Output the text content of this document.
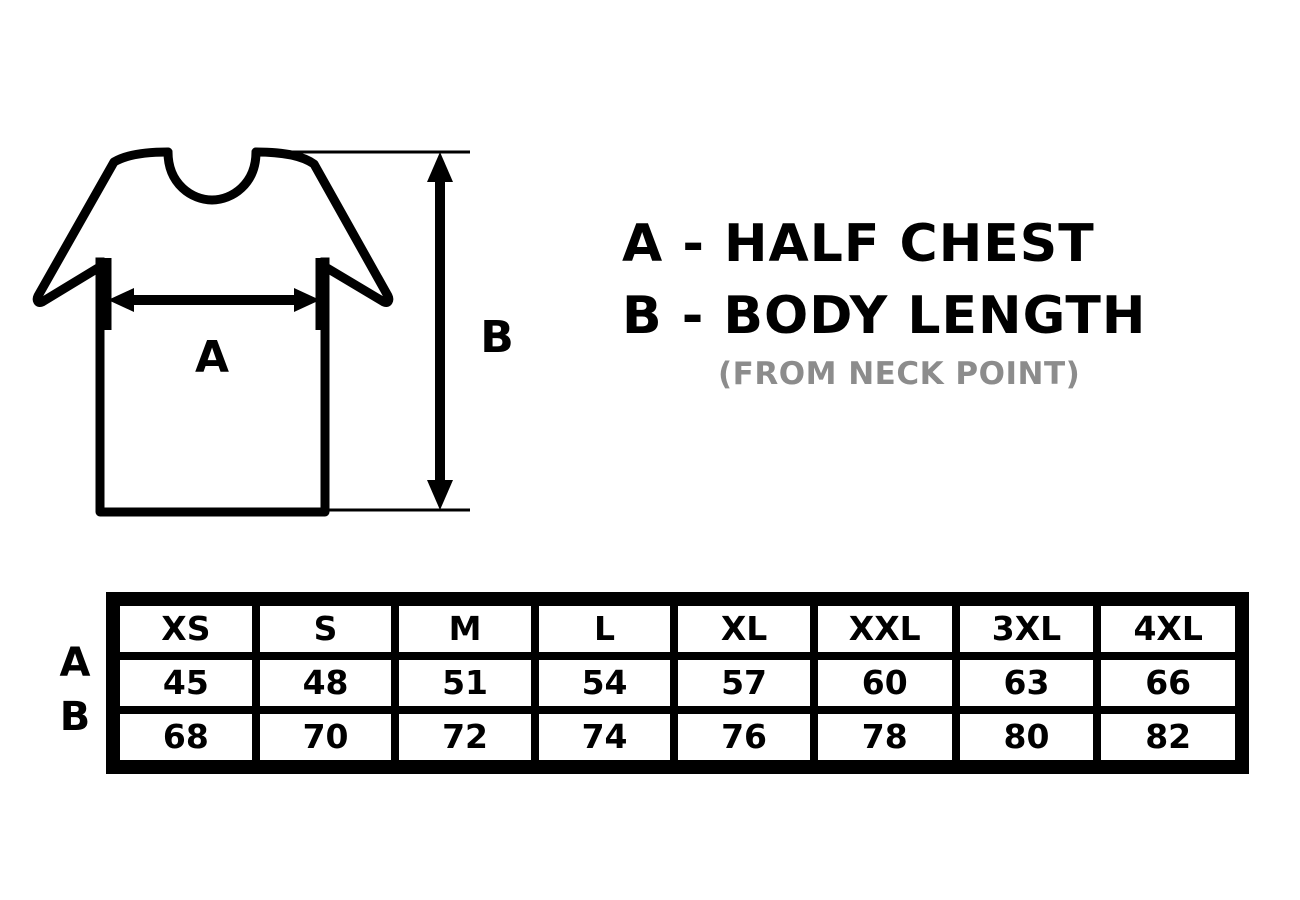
A	B
A - HALF CHEST
B - BODY LENGTH
(FROM NECK POINT)
A
B
XS	S	M	L	XL	XXL	3XL	4XL
45	48	51	54	57	60	63	66
68	70	72	74	76	78	80	82
